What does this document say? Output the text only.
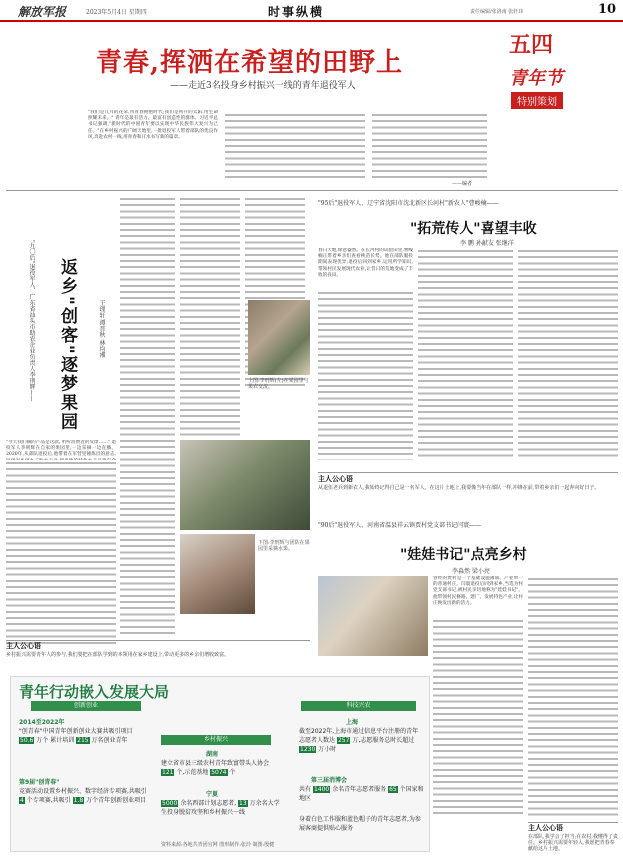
解放军报	2023年5月4日 星期四	时事纵横	责任编辑/张洛南 张轩玮	10
五四
青年节
特别策划
青春,挥洒在希望的田野上
——走近3名投身乡村振兴一线的青年退役军人
"我们是儿月的花朵,用青春拥抱时代;我们是初升的太阳,用生命照耀未来。" 青年是最有活力、最富有创造性的群体。习近平总书记强调,"新时代的中国青年要以实现中华民族伟大复兴为己任。"在乡村振兴的广阔天地里,一批退役军人带着部队的优良作风,奔赴农村一线,用青春和汗水书写新的篇章。
——编者
"九〇后"退役军人、广东省汕头市助农企业负责人李刑辉—— 返乡"创客"逐梦果园	王理轩 谭晋秋 林均湘
"今天我们摘的产品是这款, 听听消费者的反馈……" 退役军人李刑辉在自家的果园里,一边采摘一边直播。2020年,从部队退役后,他带着在军营里锤炼出的意志,
上图:李刑辉(左)在果园里与果农交流。
下图:李刑辉与团队在果园里采摘水果。
主人公心语
乡村振兴需要青年人的参与,我们要把在部队学到的本领用在家乡建设上,带动更多的乡亲们增收致富。
"95后"退役军人、辽宁省沈阳市沈北新区长河村"新农人"曹峻楠——
"拓荒传人"喜望丰收
李 鹏 孙献友 张继洋
春日大地,绿意盎然。在长河村的试验田里,曹峻楠正带着乡亲们查看秧苗长势。他在部队服役期间表现优异,退役后回到家乡,运用所学知识,带领村民发展现代农业,让昔日的荒地变成了丰收的良田。
主人公心语
从退伍老兵到新农人,我始终记得自己是一名军人。在这片土地上,我要像当年在部队一样,冲锋在前,带着乡亲们一起奔向好日子。
"90后"退役军人、河南省温县祥云镇贾村党支部书记闫寰——
"娃娃书记"点亮乡村
李淼然 梁小亮
曾经的贾村是一个基础设施薄弱、产业单一的普通村庄。闫寰退役后回到家乡,当选为村党支部书记,被村民亲切地称为"娃娃书记"。他带领村民修路、建厂、发展特色产业,让村庄焕发出新的活力。
主人公心语
在部队,我学会了担当;在农村,我懂得了责任。乡村振兴需要年轻人,我愿把青春奉献给这片土地。
青年行动嵌入发展大局
创新创业
2014至2022年
"创青春"中国青年创新创业大赛共吸引项目 50.6 万个 累计培训 215 万名创业青年
第9届"创青春"
竞赛活动设置乡村振兴、数字经济专项赛,共吸引 4 个专项赛,共吸引 1.8 万个青年创新创业项目
乡村振兴
湖南
建立省市县三级农村青年致富带头人协会 121 个,示范基地 5074 个
宁夏
5000 余名西部计划志愿者, 13 万余名大学生投身脱贫攻坚和乡村振兴一线
科技兴农
上海
截至2022年,上海市通过信息平台注册的青年志愿者人数达 257 万,志愿服务总时长超过 1230 万小时
第三届消博会
共有 1400 余名青年志愿者服务 65 个国家和地区
身着白色工作服和蓝色帽子的青年志愿者,为参展客商提供贴心服务
资料来源:各地共青团官网 图形制作:张玲 制图:殷健
